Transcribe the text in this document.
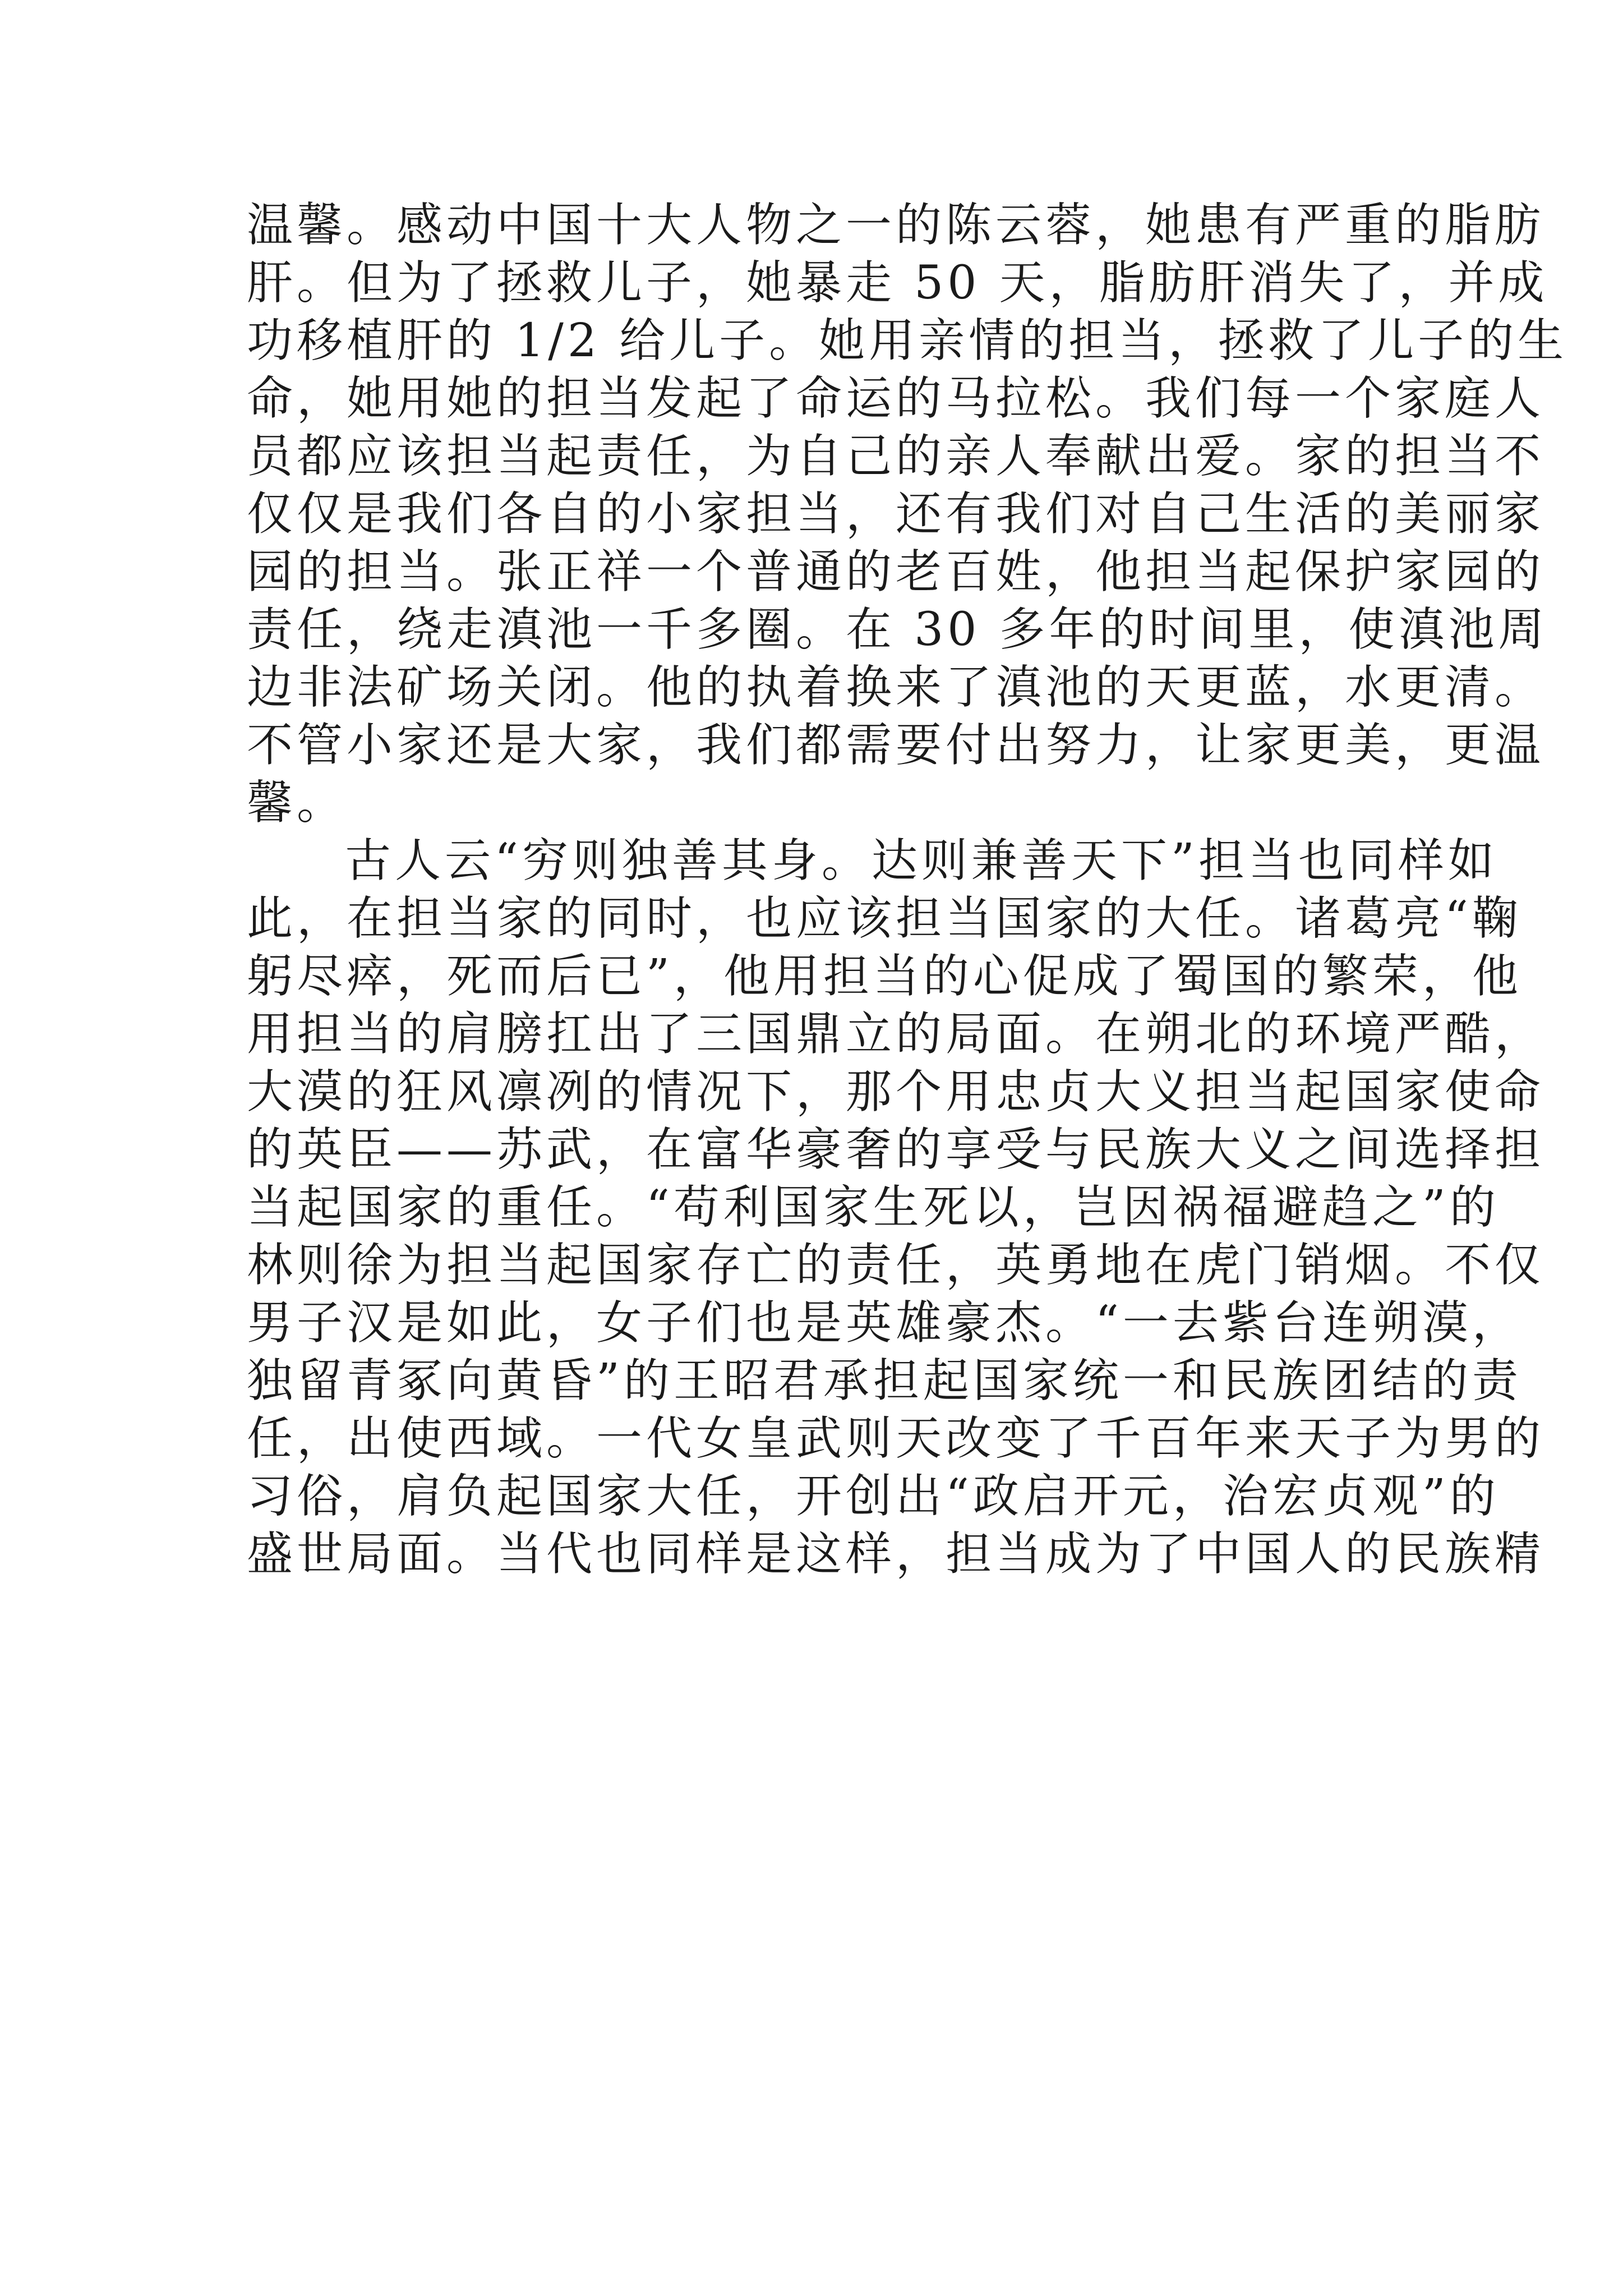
温馨。感动中国十大人物之一的陈云蓉，她患有严重的脂肪
肝。但为了拯救儿子，她暴走 50 天，脂肪肝消失了，并成
功移植肝的 1/2 给儿子。她用亲情的担当，拯救了儿子的生
命，她用她的担当发起了命运的马拉松。我们每一个家庭人
员都应该担当起责任，为自己的亲人奉献出爱。家的担当不
仅仅是我们各自的小家担当，还有我们对自己生活的美丽家
园的担当。张正祥一个普通的老百姓，他担当起保护家园的
责任，绕走滇池一千多圈。在 30 多年的时间里，使滇池周
边非法矿场关闭。他的执着换来了滇池的天更蓝，水更清。
不管小家还是大家，我们都需要付出努力，让家更美，更温
馨。
古人云“穷则独善其身。达则兼善天下”担当也同样如
此，在担当家的同时，也应该担当国家的大任。诸葛亮“鞠
躬尽瘁，死而后已”，他用担当的心促成了蜀国的繁荣，他
用担当的肩膀扛出了三国鼎立的局面。在朔北的环境严酷，
大漠的狂风凛冽的情况下，那个用忠贞大义担当起国家使命
的英臣——苏武，在富华豪奢的享受与民族大义之间选择担
当起国家的重任。“苟利国家生死以，岂因祸福避趋之”的
林则徐为担当起国家存亡的责任，英勇地在虎门销烟。不仅
男子汉是如此，女子们也是英雄豪杰。“一去紫台连朔漠，
独留青冢向黄昏”的王昭君承担起国家统一和民族团结的责
任，出使西域。一代女皇武则天改变了千百年来天子为男的
习俗，肩负起国家大任，开创出“政启开元，治宏贞观”的
盛世局面。当代也同样是这样，担当成为了中国人的民族精
